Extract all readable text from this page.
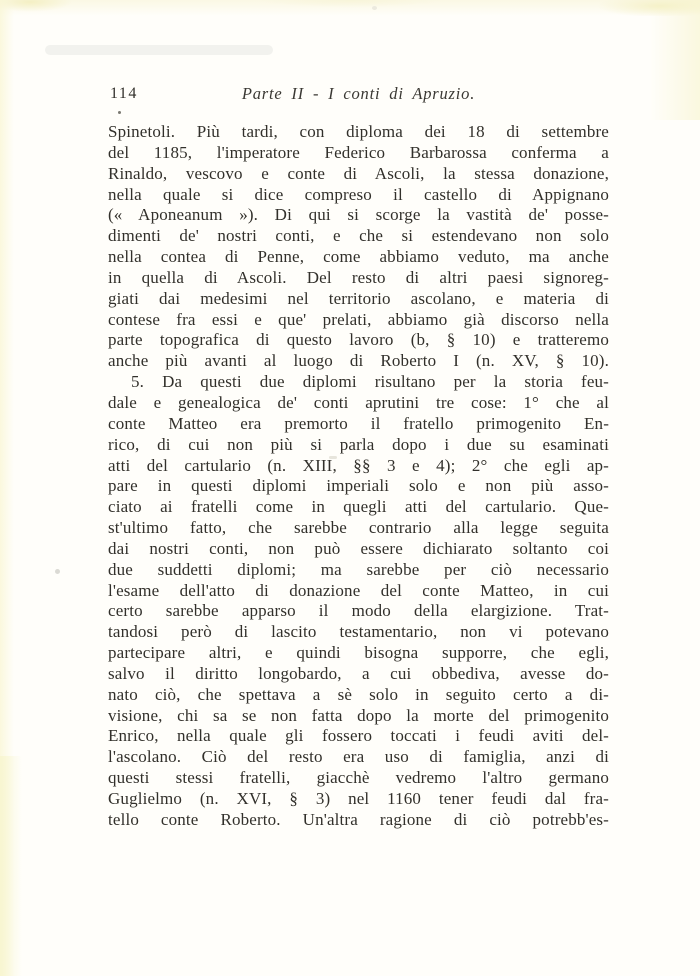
114	Parte II - I conti di Apruzio.
Spinetoli. Più tardi, con diploma dei 18 di settembre
del 1185, l'imperatore Federico Barbarossa conferma a
Rinaldo, vescovo e conte di Ascoli, la stessa donazione,
nella quale si dice compreso il castello di Appignano
(« Aponeanum »). Di qui si scorge la vastità de' posse-
dimenti de' nostri conti, e che si estendevano non solo
nella contea di Penne, come abbiamo veduto, ma anche
in quella di Ascoli. Del resto di altri paesi signoreg-
giati dai medesimi nel territorio ascolano, e materia di
contese fra essi e que' prelati, abbiamo già discorso nella
parte topografica di questo lavoro (b, § 10) e tratteremo
anche più avanti al luogo di Roberto I (n. XV, § 10).
5. Da questi due diplomi risultano per la storia feu-
dale e genealogica de' conti aprutini tre cose: 1° che al
conte Matteo era premorto il fratello primogenito En-
rico, di cui non più si parla dopo i due su esaminati
atti del cartulario (n. XIII, §§ 3 e 4); 2° che egli ap-
pare in questi diplomi imperiali solo e non più asso-
ciato ai fratelli come in quegli atti del cartulario. Que-
st'ultimo fatto, che sarebbe contrario alla legge seguita
dai nostri conti, non può essere dichiarato soltanto coi
due suddetti diplomi; ma sarebbe per ciò necessario
l'esame dell'atto di donazione del conte Matteo, in cui
certo sarebbe apparso il modo della elargizione. Trat-
tandosi però di lascito testamentario, non vi potevano
partecipare altri, e quindi bisogna supporre, che egli,
salvo il diritto longobardo, a cui obbediva, avesse do-
nato ciò, che spettava a sè solo in seguito certo a di-
visione, chi sa se non fatta dopo la morte del primogenito
Enrico, nella quale gli fossero toccati i feudi aviti del-
l'ascolano. Ciò del resto era uso di famiglia, anzi di
questi stessi fratelli, giacchè vedremo l'altro germano
Guglielmo (n. XVI, § 3) nel 1160 tener feudi dal fra-
tello conte Roberto. Un'altra ragione di ciò potrebb'es-
